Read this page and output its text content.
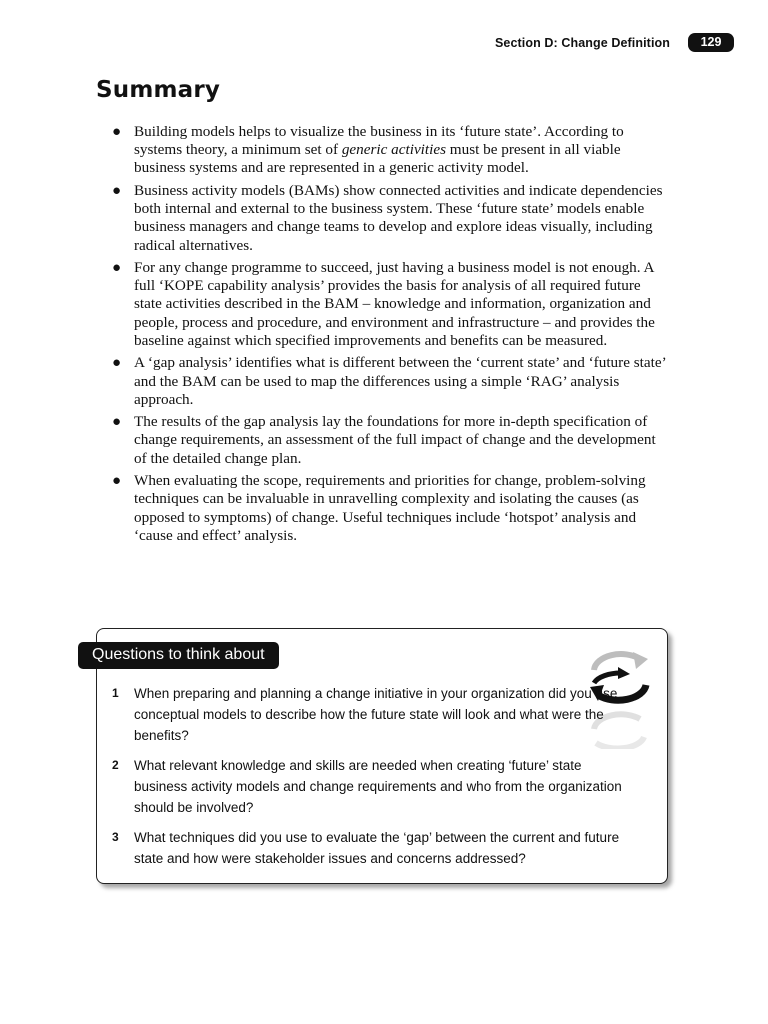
Section D: Change Definition	129
Summary
● Building models helps to visualize the business in its ‘future state’. According to systems theory, a minimum set of generic activities must be present in all viable business systems and are represented in a generic activity model.
● Business activity models (BAMs) show connected activities and indicate dependencies both internal and external to the business system. These ‘future state’ models enable business managers and change teams to develop and explore ideas visually, including radical alternatives.
● For any change programme to succeed, just having a business model is not enough. A full ‘KOPE capability analysis’ provides the basis for analysis of all required future state activities described in the BAM – knowledge and information, organization and people, process and procedure, and environment and infrastructure – and provides the baseline against which specified improvements and benefits can be measured.
● A ‘gap analysis’ identifies what is different between the ‘current state’ and ‘future state’ and the BAM can be used to map the differences using a simple ‘RAG’ analysis approach.
● The results of the gap analysis lay the foundations for more in-depth specification of change requirements, an assessment of the full impact of change and the development of the detailed change plan.
● When evaluating the scope, requirements and priorities for change, problem-solving techniques can be invaluable in unravelling complexity and isolating the causes (as opposed to symptoms) of change. Useful techniques include ‘hotspot’ analysis and ‘cause and effect’ analysis.
Questions to think about
1 When preparing and planning a change initiative in your organization did you use conceptual models to describe how the future state will look and what were the benefits?
2 What relevant knowledge and skills are needed when creating ‘future’ state business activity models and change requirements and who from the organization should be involved?
3 What techniques did you use to evaluate the ‘gap’ between the current and future state and how were stakeholder issues and concerns addressed?
